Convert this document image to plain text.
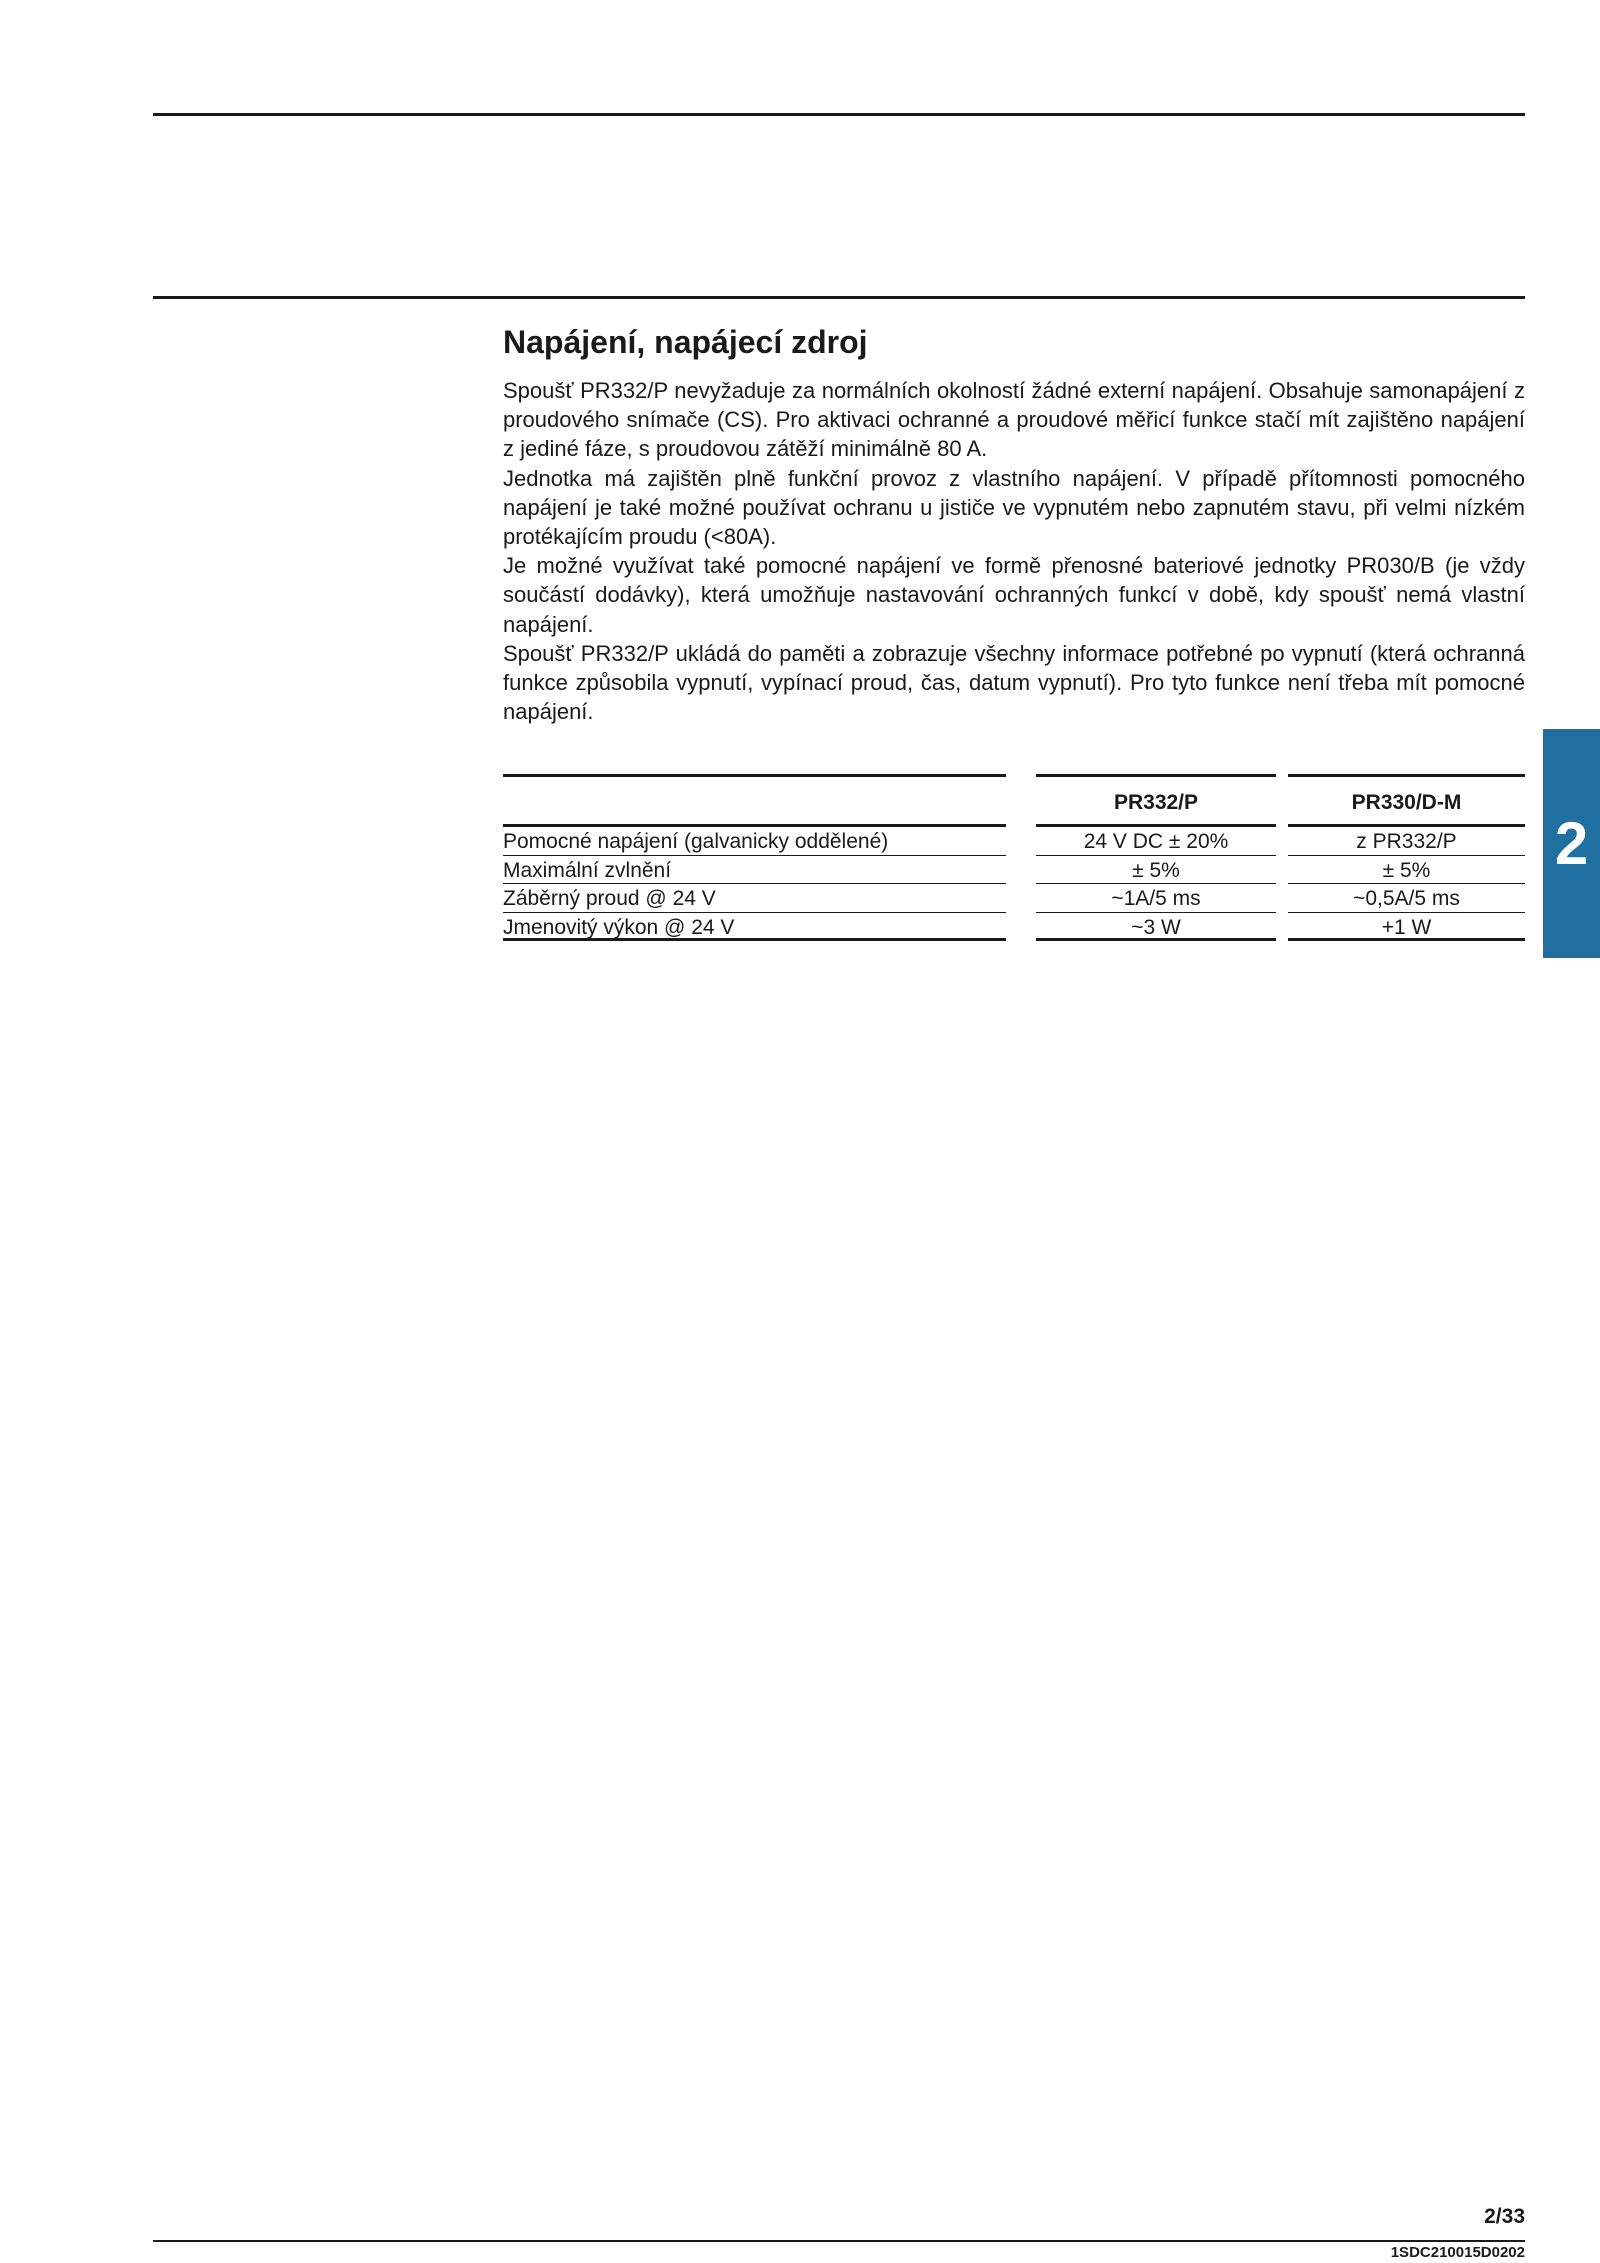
Napájení, napájecí zdroj

Spoušť PR332/P nevyžaduje za normálních okolností žádné externí napájení. Obsahuje samonapájení z proudového snímače (CS). Pro aktivaci ochranné a proudové měřicí funkce stačí mít zajištěno napájení z jediné fáze, s proudovou zátěží minimálně 80 A.

Jednotka má zajištěn plně funkční provoz z vlastního napájení. V případě přítomnosti pomocného napájení je také možné používat ochranu u jističe ve vypnutém nebo zapnutém stavu, při velmi nízkém protékajícím proudu (<80A).

Je možné využívat také pomocné napájení ve formě přenosné bateriové jednotky PR030/B (je vždy součástí dodávky), která umožňuje nastavování ochranných funkcí v době, kdy spoušť nemá vlastní napájení.

Spoušť PR332/P ukládá do paměti a zobrazuje všechny informace potřebné po vypnutí (která ochranná funkce způsobila vypnutí, vypínací proud, čas, datum vypnutí). Pro tyto funkce není třeba mít pomocné napájení.

Pomocné napájení (galvanicky oddělené)
Maximální zvlnění
Záběrný proud @ 24 V
Jmenovitý výkon @ 24 V
PR332/P
24 V DC ± 20%
± 5%
~1A/5 ms
~3 W
PR330/D-M
z PR332/P
± 5%
~0,5A/5 ms
+1 W
2
2/33
1SDC210015D0202
